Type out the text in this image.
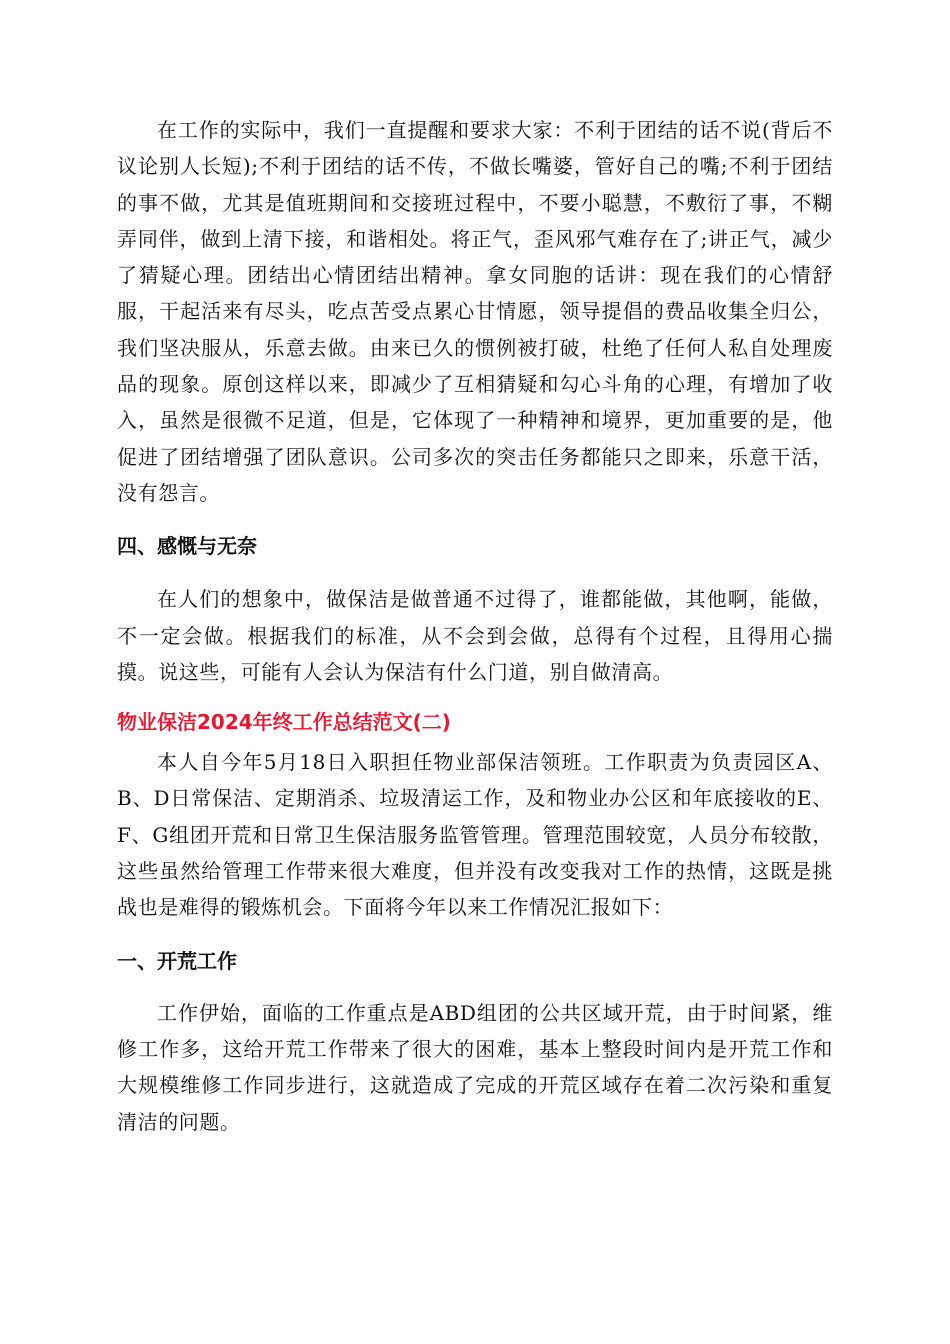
在工作的实际中，我们一直提醒和要求大家：不利于团结的话不说(背后不议论别人长短);不利于团结的话不传，不做长嘴婆，管好自己的嘴;不利于团结的事不做，尤其是值班期间和交接班过程中，不要小聪慧，不敷衍了事，不糊弄同伴，做到上清下接，和谐相处。将正气，歪风邪气难存在了;讲正气，减少了猜疑心理。团结出心情团结出精神。拿女同胞的话讲：现在我们的心情舒服，干起活来有尽头，吃点苦受点累心甘情愿，领导提倡的费品收集全归公，我们坚决服从，乐意去做。由来已久的惯例被打破，杜绝了任何人私自处理废品的现象。原创这样以来，即减少了互相猜疑和勾心斗角的心理，有增加了收入，虽然是很微不足道，但是，它体现了一种精神和境界，更加重要的是，他促进了团结增强了团队意识。公司多次的突击任务都能只之即来，乐意干活，没有怨言。

四、感慨与无奈

在人们的想象中，做保洁是做普通不过得了，谁都能做，其他啊，能做，不一定会做。根据我们的标准，从不会到会做，总得有个过程，且得用心揣摸。说这些，可能有人会认为保洁有什么门道，别自做清高。

物业保洁2024年终工作总结范文(二)

本人自今年5月18日入职担任物业部保洁领班。工作职责为负责园区A、B、D日常保洁、定期消杀、垃圾清运工作，及和物业办公区和年底接收的E、F、G组团开荒和日常卫生保洁服务监管管理。管理范围较宽，人员分布较散，这些虽然给管理工作带来很大难度，但并没有改变我对工作的热情，这既是挑战也是难得的锻炼机会。下面将今年以来工作情况汇报如下：

一、开荒工作

工作伊始，面临的工作重点是ABD组团的公共区域开荒，由于时间紧，维修工作多，这给开荒工作带来了很大的困难，基本上整段时间内是开荒工作和大规模维修工作同步进行，这就造成了完成的开荒区域存在着二次污染和重复清洁的问题。
